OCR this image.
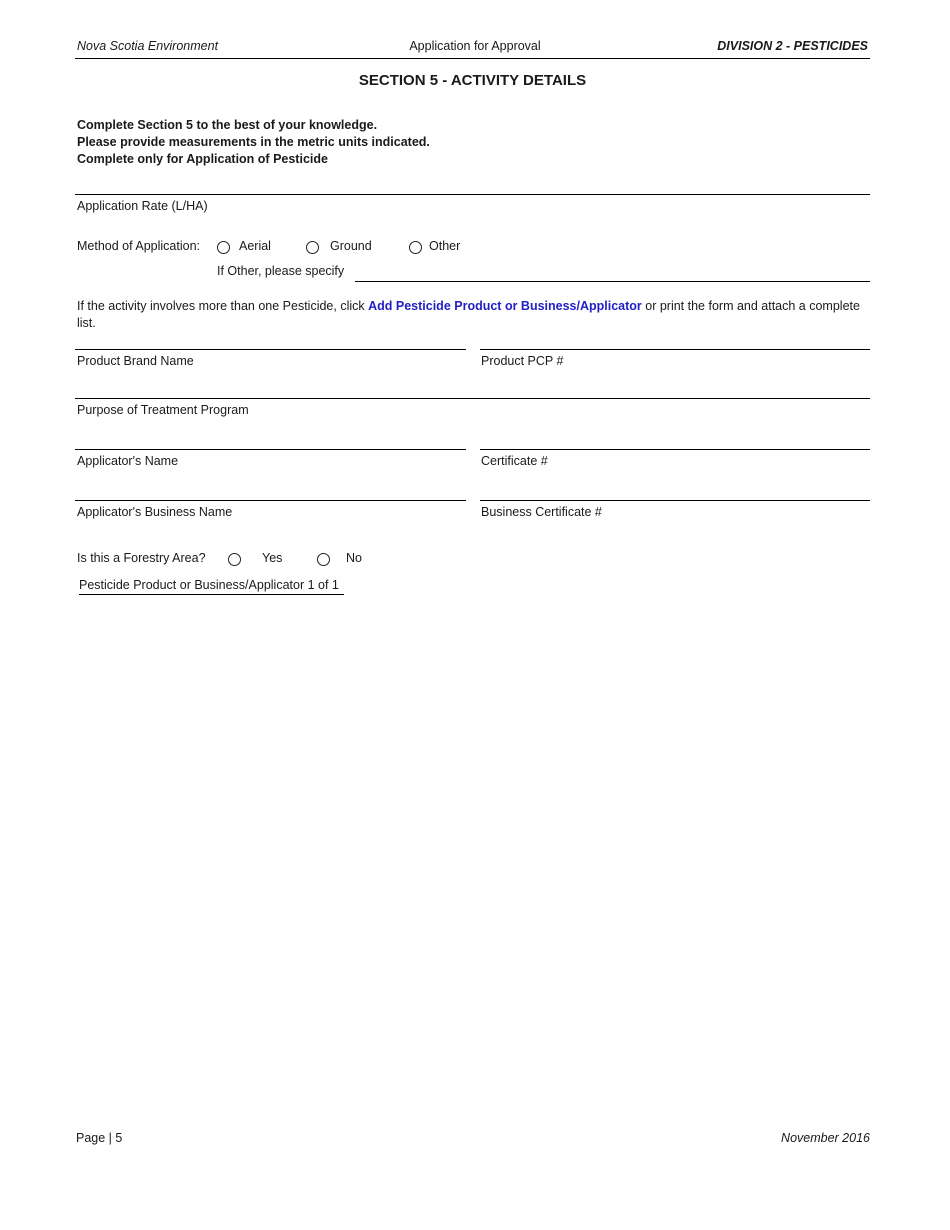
Nova Scotia Environment	Application for Approval	DIVISION 2 - PESTICIDES
SECTION 5 - ACTIVITY DETAILS
Complete Section 5 to the best of your knowledge.
Please provide measurements in the metric units indicated.
Complete only for Application of Pesticide
Application Rate (L/HA)
Method of Application:	Aerial	Ground	Other
If Other, please specify
If the activity involves more than one Pesticide, click Add Pesticide Product or Business/Applicator or print the form and attach a complete list.
Product Brand Name	Product PCP #
Purpose of Treatment Program
Applicator's Name	Certificate #
Applicator's Business Name	Business Certificate #
Is this a Forestry Area?	Yes	No
Pesticide Product or Business/Applicator 1 of 1
Page | 5	November 2016
